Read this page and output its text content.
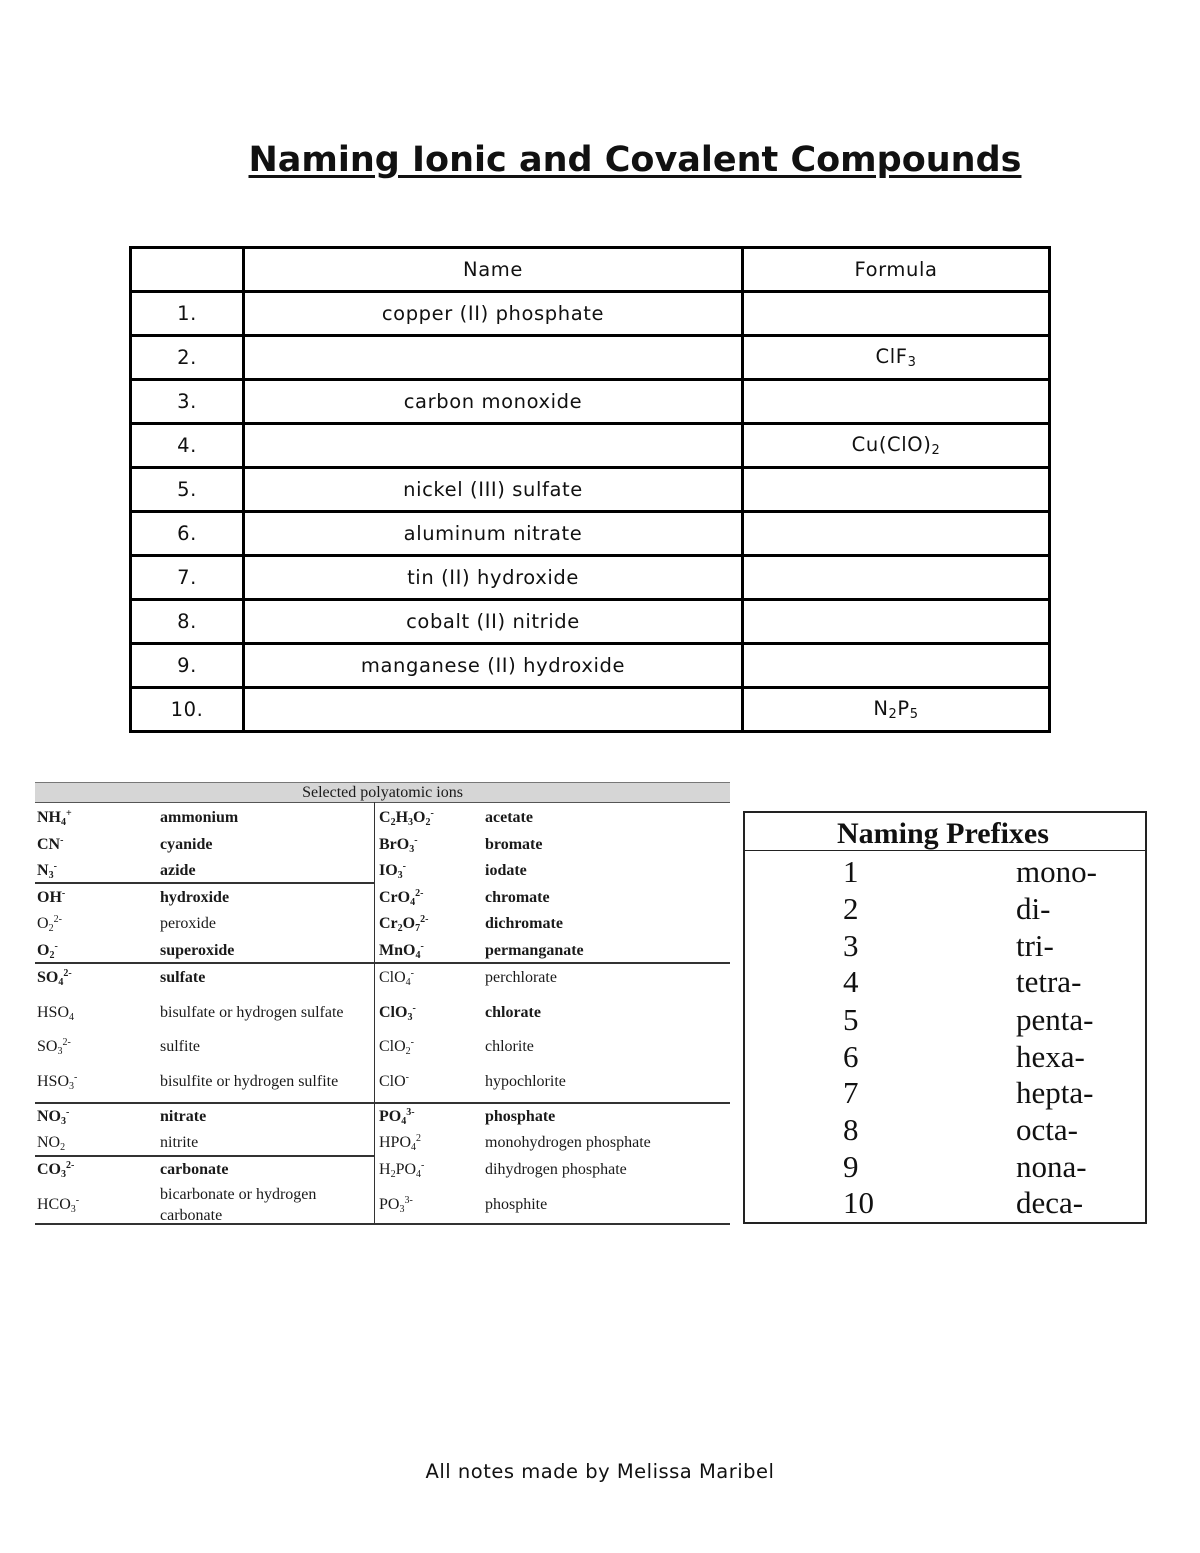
Naming Ionic and Covalent Compounds
	Name	Formula
1.	copper (II) phosphate	
2.		ClF$_3$
3.	carbon monoxide	
4.		$Cu(ClO)_2$
5.	nickel (III) sulfate	
6.	aluminum nitrate	
7.	tin (II) hydroxide	
8.	cobalt (II) nitride	
9.	manganese (II) hydroxide	
10.		$N_2P_5$
Selected polyatomic ions
$NH_4^+$	ammonium
CN-	cyanide
$N_3^-$	azide
OH-	hydroxide
$O_2^{2-}$	peroxide
$O_2^-$	superoxide
$SO_4^{2-}$	sulfate
$HSO_4$	bisulfate or hydrogen sulfate
$SO_3^{2-}$	sulfite
$HSO_3^-$	bisulfite or hydrogen sulfite
$NO_3^-$	nitrate
$NO_2$	nitrite
$CO_3^{2-}$	carbonate
$HCO_3^-$	bicarbonate or hydrogen carbonate
$C_2H_3O_2^-$	acetate
BrO$_3$-	bromate
$IO_3^-$	iodate
CrO$_4^{2-}$	chromate
$Cr_2O_7^{2-}$	dichromate
MnO$_4$-	permanganate
ClO$_4$-	perchlorate
ClO$_3$-	chlorate
ClO$_2$-	chlorite
ClO-	hypochlorite
$PO_4^{3-}$	phosphate
$HPO_4^2$	monohydrogen phosphate
$H_2PO_4^-$	dihydrogen phosphate
$PO_3^{3-}$	phosphite
Naming Prefixes
1	mono-
2	di-
3	tri-
4	tetra-
5	penta-
6	hexa-
7	hepta-
8	octa-
9	nona-
10	deca-
All notes made by Melissa Maribel
